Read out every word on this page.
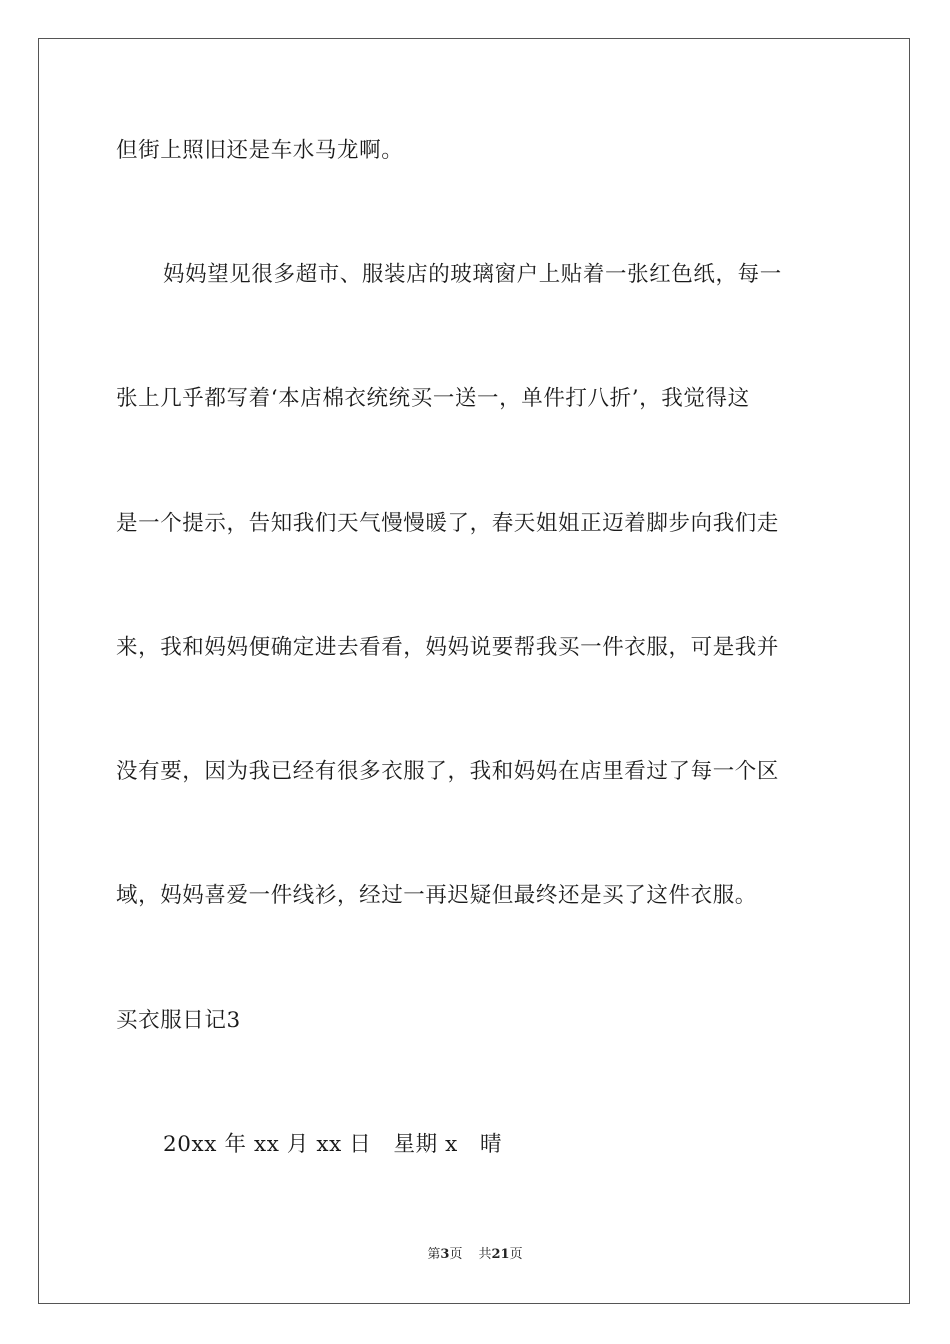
但街上照旧还是车水马龙啊。
妈妈望见很多超市、服装店的玻璃窗户上贴着一张红色纸，每一
张上几乎都写着‘本店棉衣统统买一送一，单件打八折’，我觉得这
是一个提示，告知我们天气慢慢暖了，春天姐姐正迈着脚步向我们走
来，我和妈妈便确定进去看看，妈妈说要帮我买一件衣服，可是我并
没有要，因为我已经有很多衣服了，我和妈妈在店里看过了每一个区
域，妈妈喜爱一件线衫，经过一再迟疑但最终还是买了这件衣服。
买衣服日记3
20xx 年 xx 月 xx 日　星期 x　晴
第3页 共21页
